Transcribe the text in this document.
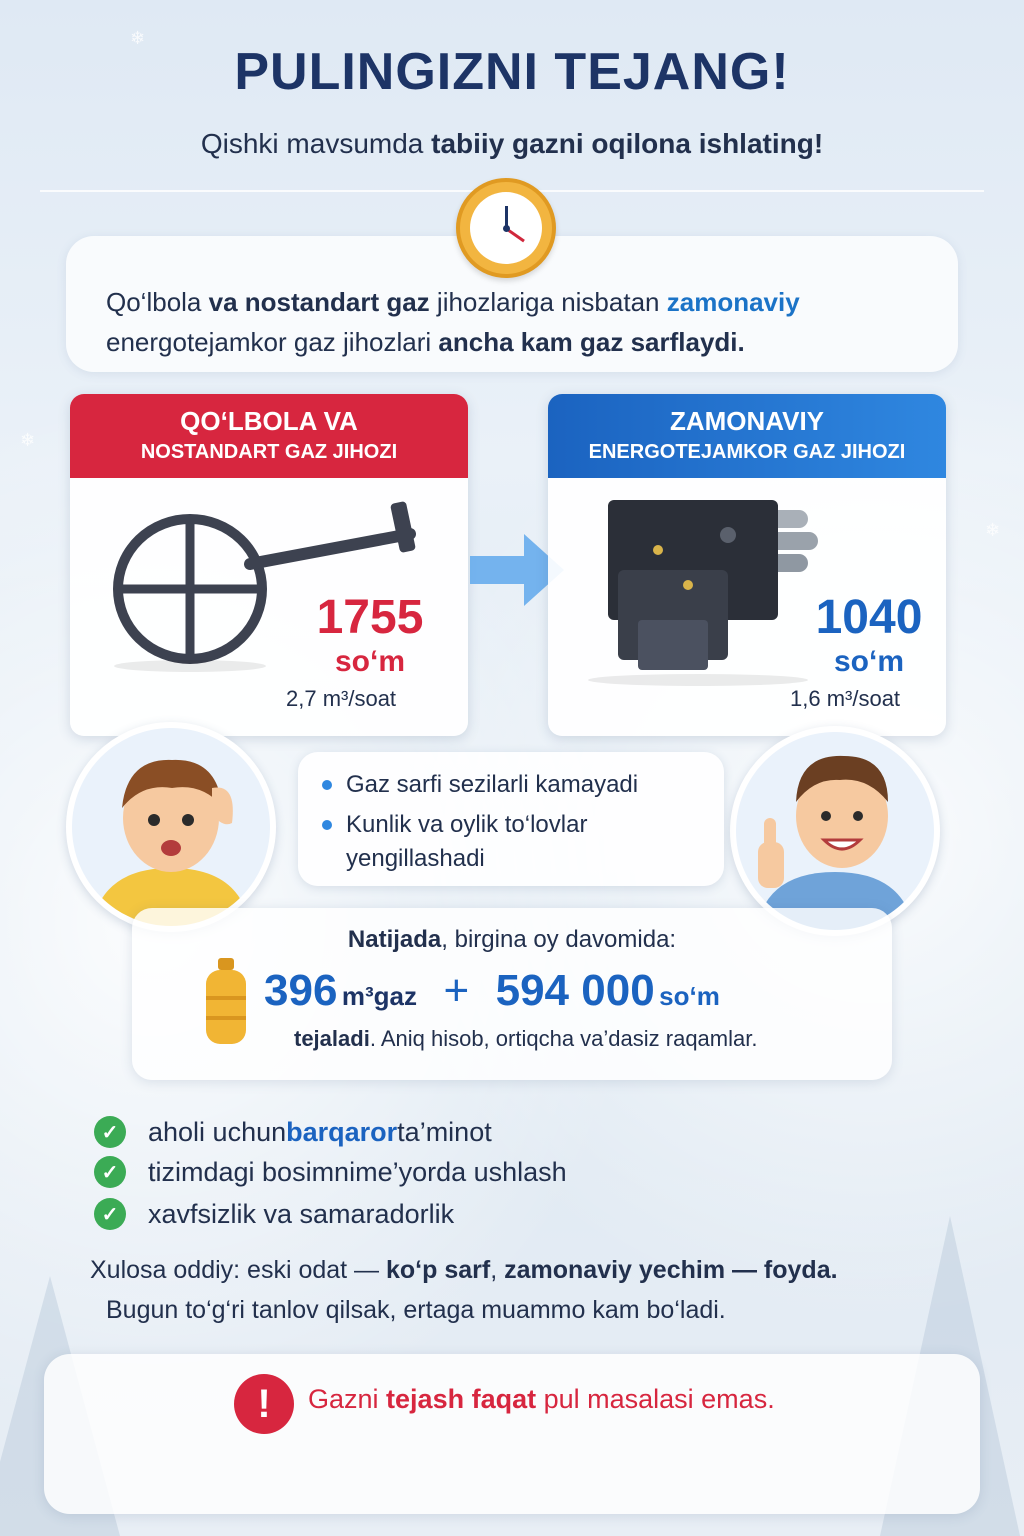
❄
❄
❄
PULINGIZNI TEJANG!
Qishki mavsumda tabiiy gazni oqilona ishlating!
Qo‘lbola va nostandart gaz jihozlariga nisbatan zamonaviy
energotejamkor gaz jihozlari ancha kam gaz sarflaydi.
QO‘LBOLA VA
NOSTANDART GAZ JIHOZI
1755
so‘m
2,7 m³/soat
ZAMONAVIY
ENERGOTEJAMKOR GAZ JIHOZI
1040
so‘m
1,6 m³/soat
Gaz sarfi sezilarli kamayadi
Kunlik va oylik to‘lovlar yengillashadi
Natijada, birgina oy davomida:
396 m³gaz + 594 000 so‘m
tejaladi. Aniq hisob, ortiqcha va’dasiz raqamlar.
✓ aholi uchun barqaror ta’minot
✓ tizimdagi bosimni me’yorda ushlash
✓ xavfsizlik va samaradorlik
Xulosa oddiy: eski odat — ko‘p sarf, zamonaviy yechim — foyda.
Bugun to‘g‘ri tanlov qilsak, ertaga muammo kam bo‘ladi.
!	Gazni tejash faqat pul masalasi emas.
